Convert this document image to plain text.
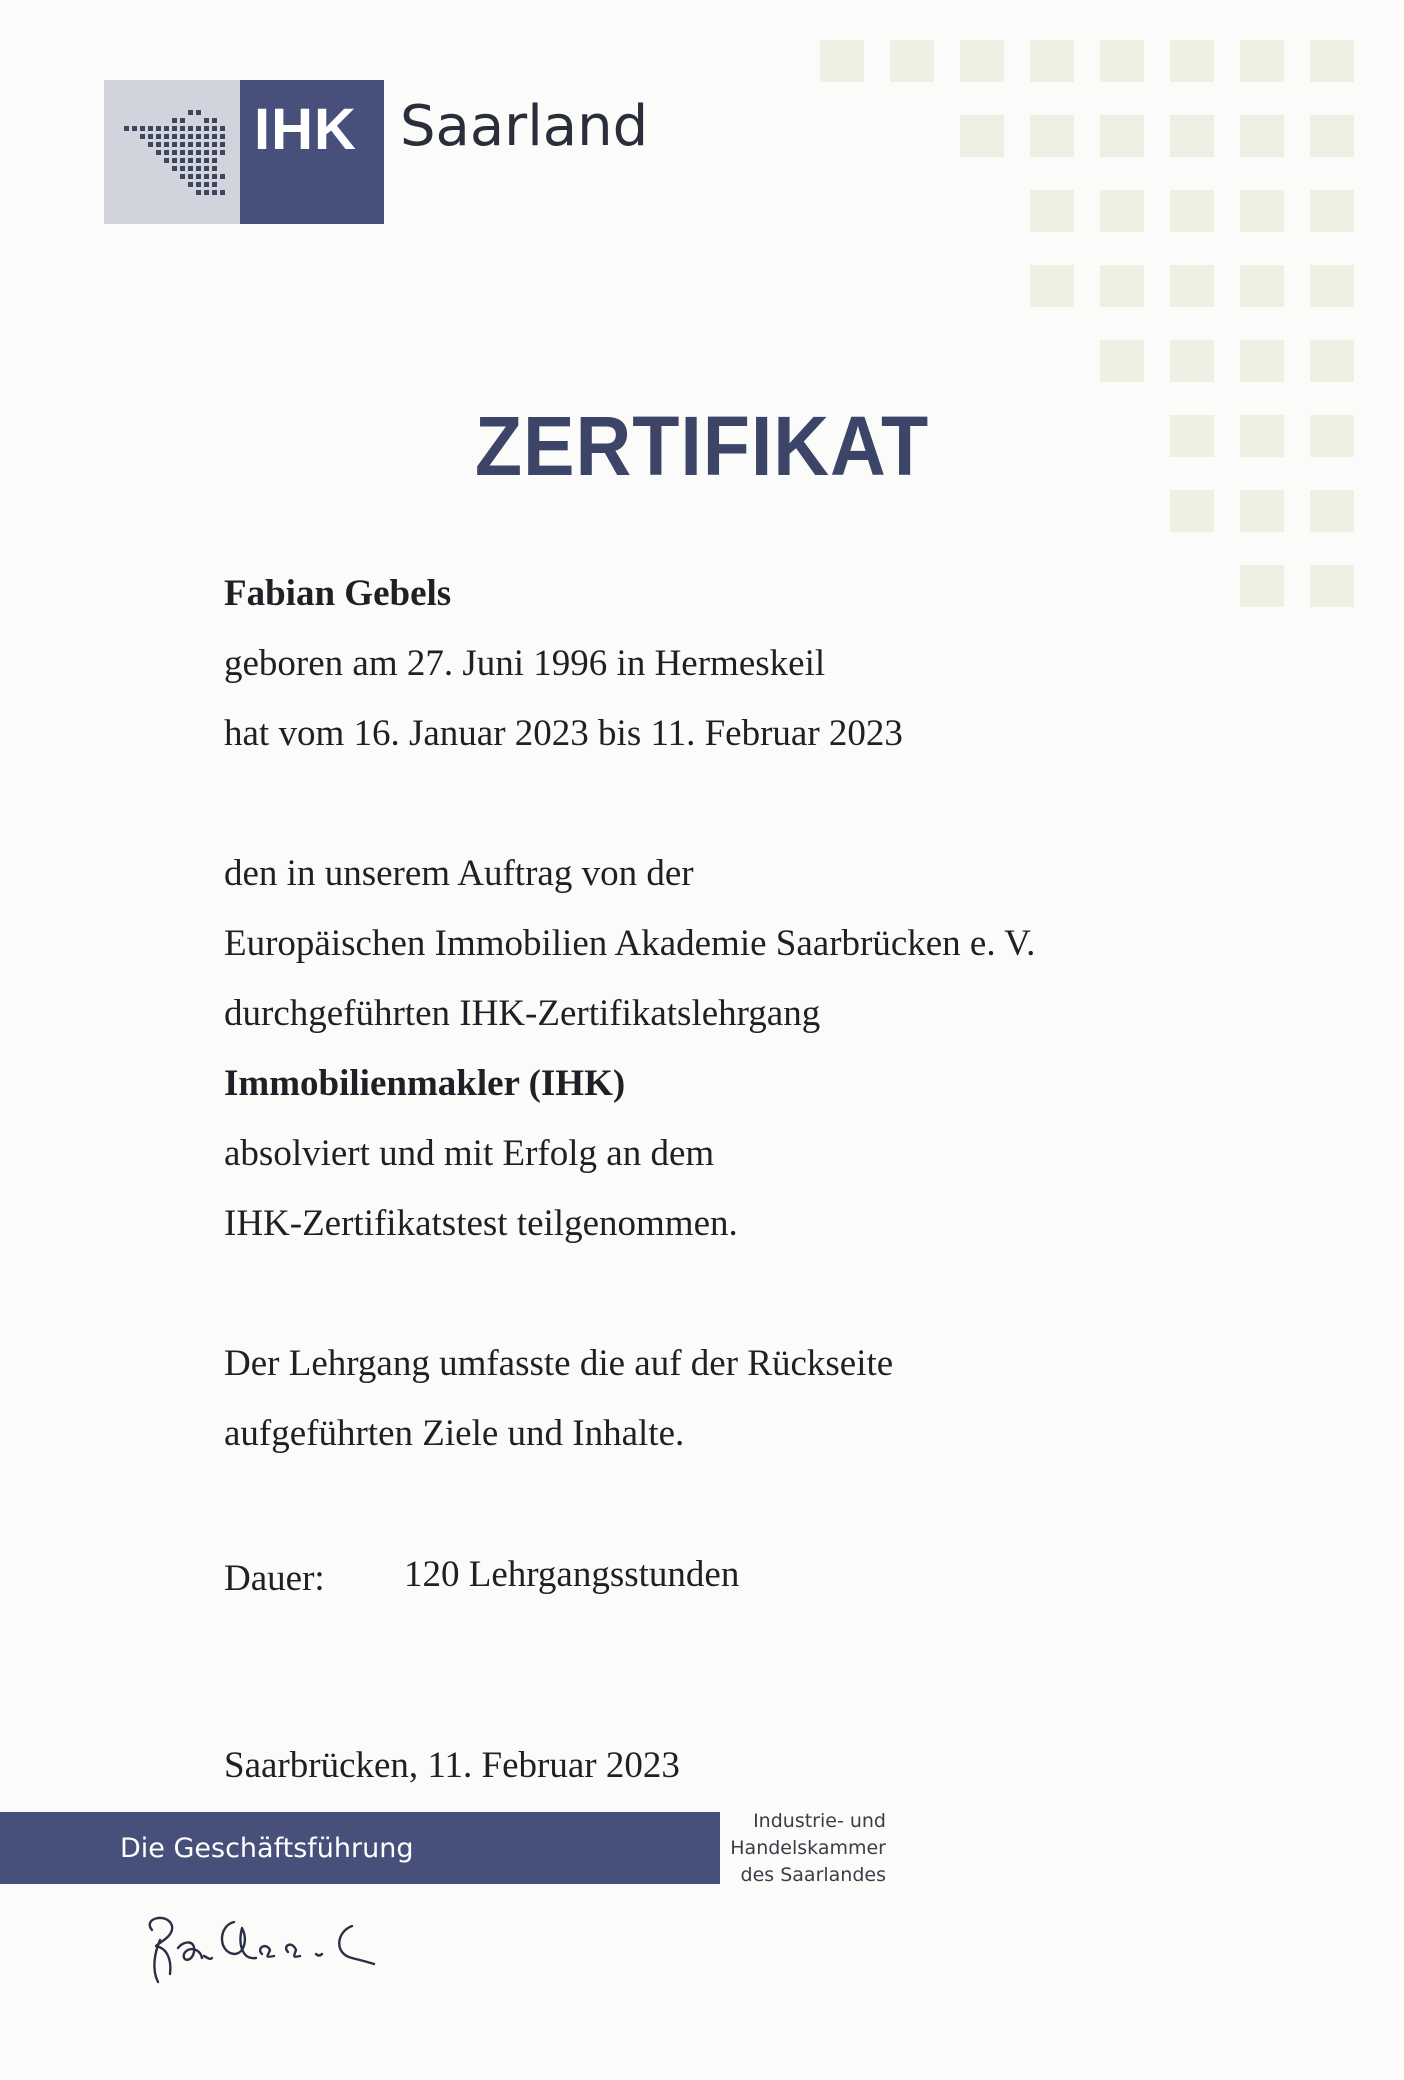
IHK Saarland
ZERTIFIKAT
Fabian Gebels
geboren am 27. Juni 1996 in Hermeskeil
hat vom 16. Januar 2023 bis 11. Februar 2023
den in unserem Auftrag von der
Europäischen Immobilien Akademie Saarbrücken e. V.
durchgeführten IHK-Zertifikatslehrgang
Immobilienmakler (IHK)
absolviert und mit Erfolg an dem
IHK-Zertifikatstest teilgenommen.
Der Lehrgang umfasste die auf der Rückseite
aufgeführten Ziele und Inhalte.
Dauer: 120 Lehrgangsstunden
Saarbrücken, 11. Februar 2023
Die Geschäftsführung
Industrie- und
Handelskammer
des Saarlandes
